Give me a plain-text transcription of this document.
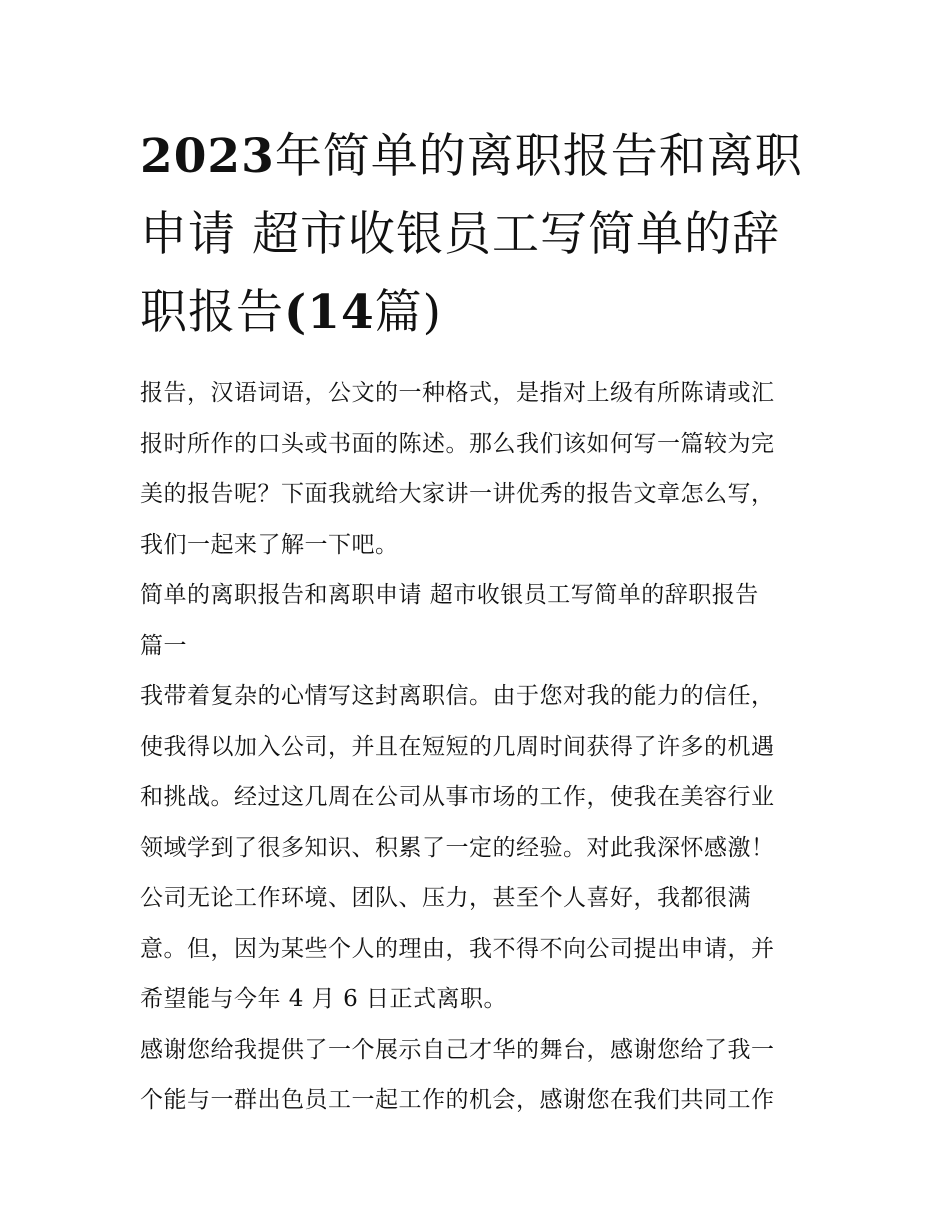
2023年简单的离职报告和离职
申请 超市收银员工写简单的辞
职报告(14篇)
报告，汉语词语，公文的一种格式，是指对上级有所陈请或汇
报时所作的口头或书面的陈述。那么我们该如何写一篇较为完
美的报告呢？下面我就给大家讲一讲优秀的报告文章怎么写，
我们一起来了解一下吧。
简单的离职报告和离职申请 超市收银员工写简单的辞职报告
篇一
我带着复杂的心情写这封离职信。由于您对我的能力的信任，
使我得以加入公司，并且在短短的几周时间获得了许多的机遇
和挑战。经过这几周在公司从事市场的工作，使我在美容行业
领域学到了很多知识、积累了一定的经验。对此我深怀感激！
公司无论工作环境、团队、压力，甚至个人喜好，我都很满
意。但，因为某些个人的理由，我不得不向公司提出申请，并
希望能与今年 4 月 6 日正式离职。
感谢您给我提供了一个展示自己才华的舞台，感谢您给了我一
个能与一群出色员工一起工作的机会，感谢您在我们共同工作
